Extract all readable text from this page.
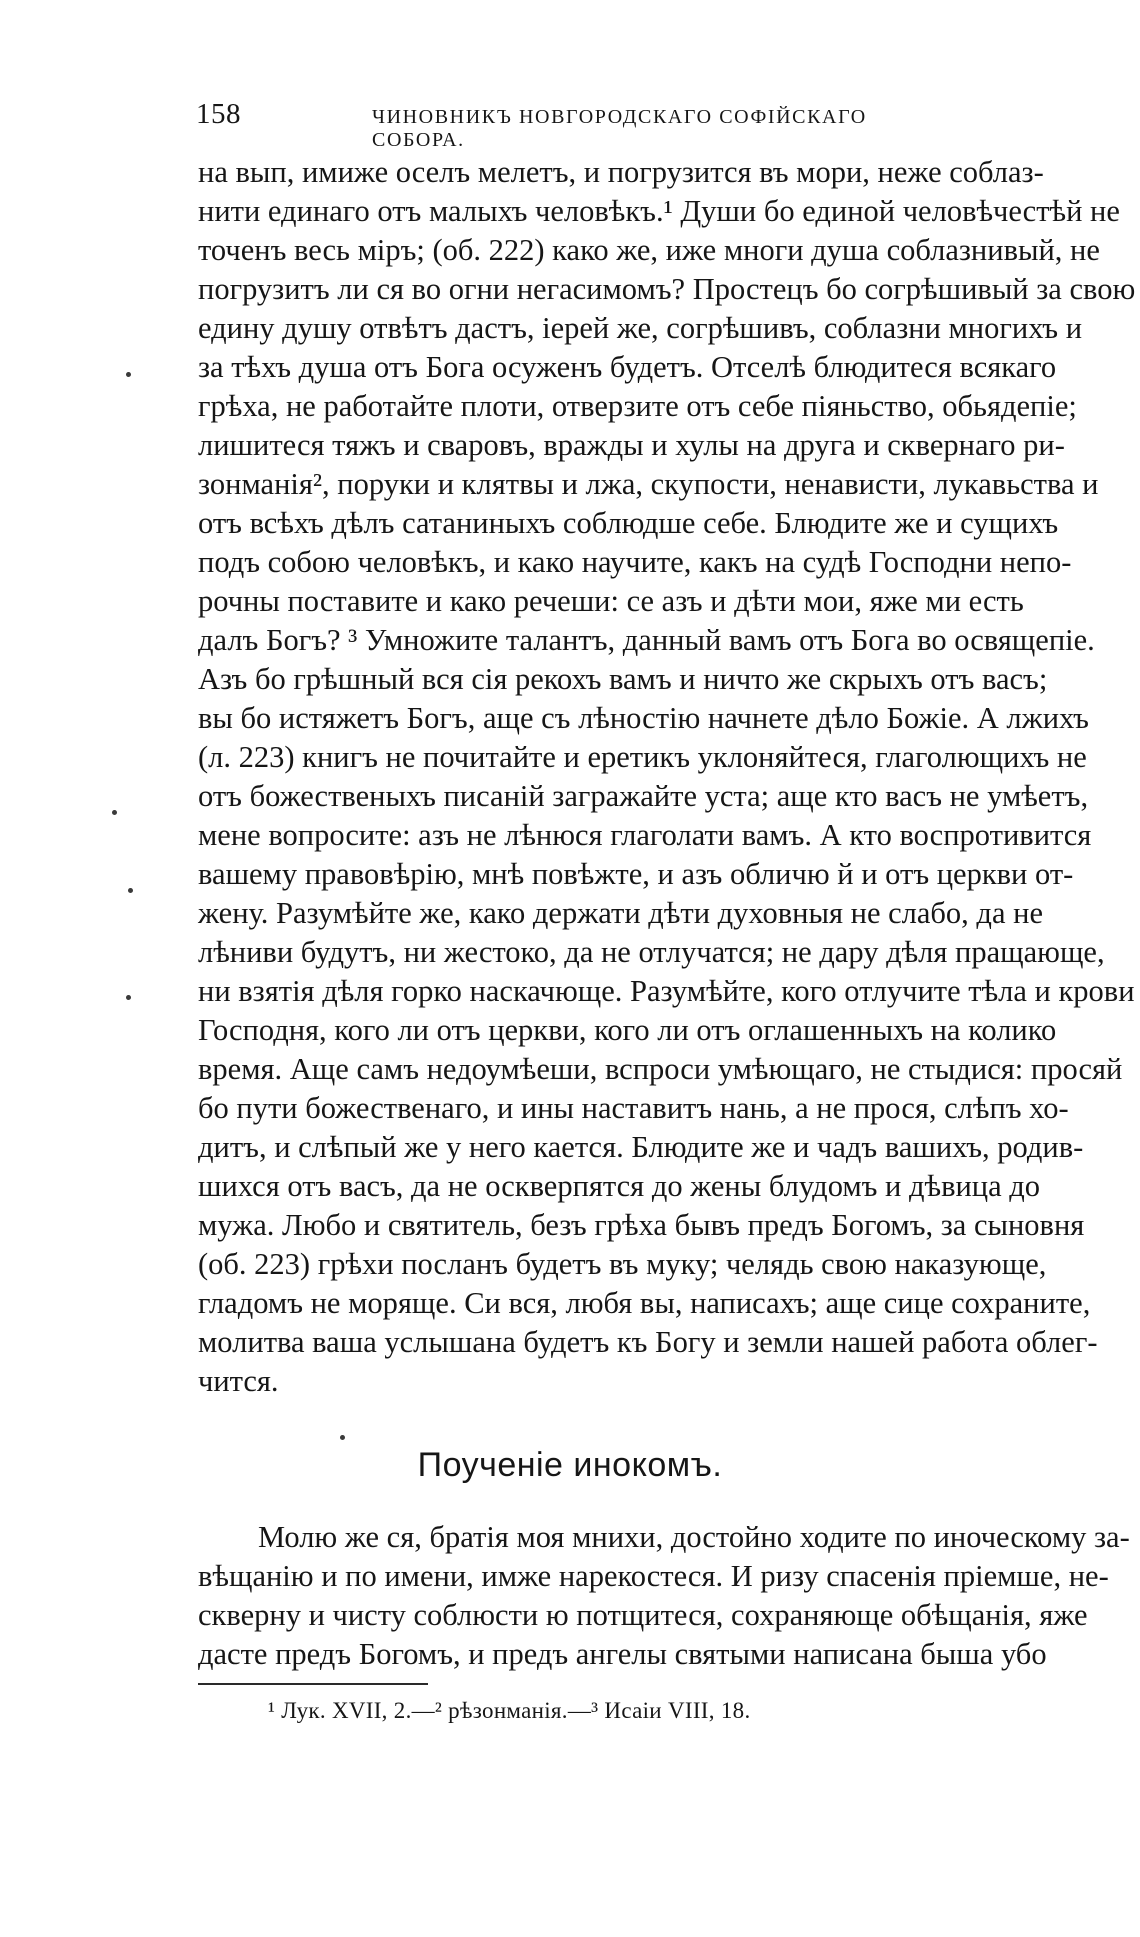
158	ЧИНОВНИКЪ НОВГОРОДСКАГО СОФІЙСКАГО СОБОРА.
на вып, имиже оселъ мелетъ, и погрузится въ мори, неже соблаз-
нити единаго отъ малыхъ человѣкъ.¹ Души бо единой человѣчестѣй не
точенъ весь міръ; (об. 222) како же, иже многи душа соблазнивый, не
погрузитъ ли ся во огни негасимомъ? Простецъ бо согрѣшивый за свою
едину душу отвѣтъ дастъ, іерей же, согрѣшивъ, соблазни многихъ и
за тѣхъ душа отъ Бога осуженъ будетъ. Отселѣ блюдитеся всякаго
грѣха, не работайте плоти, отверзите отъ себе піяньство, обьядепіе;
лишитеся тяжъ и сваровъ, вражды и хулы на друга и сквернаго ри-
зонманія², поруки и клятвы и лжа, скупости, ненависти, лукавьства и
отъ всѣхъ дѣлъ сатаниныхъ соблюдше себе. Блюдите же и сущихъ
подъ собою человѣкъ, и како научите, какъ на судѣ Господни непо-
рочны поставите и како речеши: се азъ и дѣти мои, яже ми есть
далъ Богъ? ³ Умножите талантъ, данный вамъ отъ Бога во освящепіе.
Азъ бо грѣшный вся сія рекохъ вамъ и ничто же скрыхъ отъ васъ;
вы бо истяжетъ Богъ, аще съ лѣностію начнете дѣло Божіе. А лжихъ
(л. 223) книгъ не почитайте и еретикъ уклоняйтеся, глаголющихъ не
отъ божественыхъ писаній загражайте уста; аще кто васъ не умѣетъ,
мене вопросите: азъ не лѣнюся глаголати вамъ. А кто воспротивится
вашему правовѣрію, мнѣ повѣжте, и азъ обличю й и отъ церкви от-
жену. Разумѣйте же, како держати дѣти духовныя не слабо, да не
лѣниви будутъ, ни жестоко, да не отлучатся; не дару дѣля пращающе,
ни взятія дѣля горко наскачюще. Разумѣйте, кого отлучите тѣла и крови
Господня, кого ли отъ церкви, кого ли отъ оглашенныхъ на колико
время. Аще самъ недоумѣеши, вспроси умѣющаго, не стыдися: просяй
бо пути божественаго, и ины наставитъ нань, а не прося, слѣпъ хо-
дитъ, и слѣпый же у него кается. Блюдите же и чадъ вашихъ, родив-
шихся отъ васъ, да не оскверпятся до жены блудомъ и дѣвица до
мужа. Любо и святитель, безъ грѣха бывъ предъ Богомъ, за сыновня
(об. 223) грѣхи посланъ будетъ въ муку; челядь свою наказующе,
гладомъ не моряще. Си вся, любя вы, написахъ; аще сице сохраните,
молитва ваша услышана будетъ къ Богу и земли нашей работа облег-
чится.
Поученіе инокомъ.
Молю же ся, братія моя мнихи, достойно ходите по иноческому за-
вѣщанію и по имени, имже нарекостеся. И ризу спасенія пріемше, не-
скверну и чисту соблюсти ю потщитеся, сохраняюще обѣщанія, яже
дасте предъ Богомъ, и предъ ангелы святыми написана быша убо
¹ Лук. XVII, 2.—² рѣзонманія.—³ Исаіи VIII, 18.
